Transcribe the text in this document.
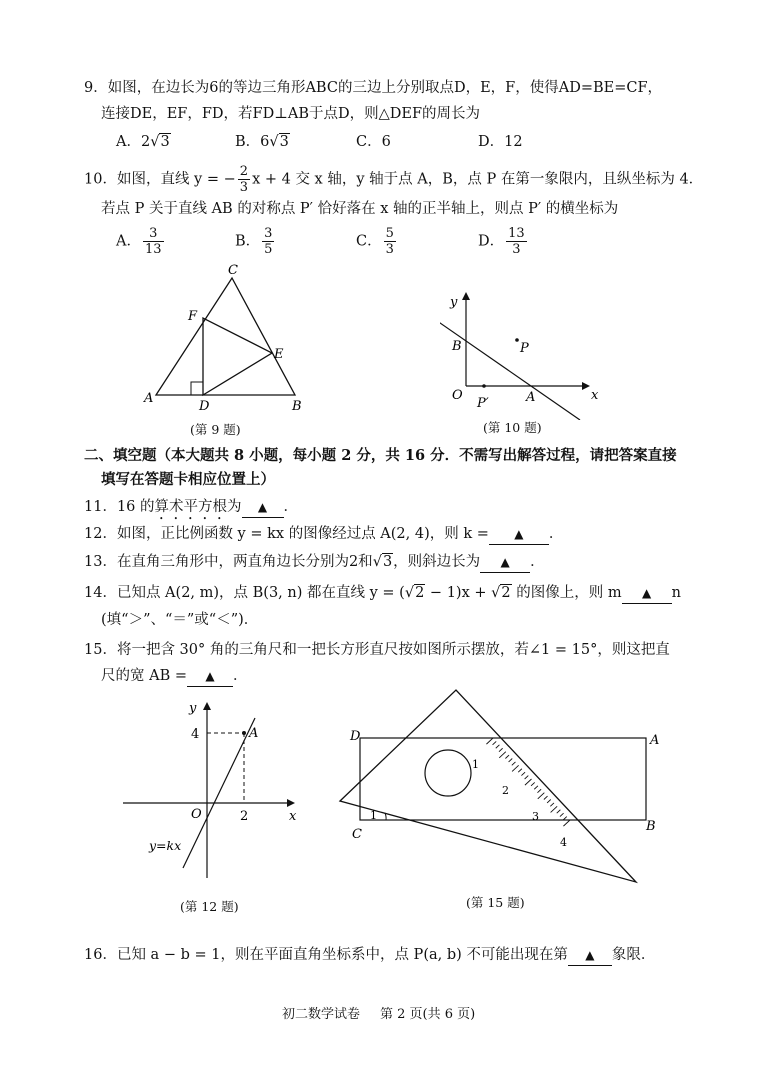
9．如图，在边长为6的等边三角形ABC的三边上分别取点D，E，F，使得AD=BE=CF，
连接DE，EF，FD，若FD⊥AB于点D，则△DEF的周长为
A．2√3	B．6√3	C．6	D．12
10．如图，直线 y = − $\frac{2}{3}$ x + 4 交 x 轴，y 轴于点 A，B，点 P 在第一象限内，且纵坐标为 4．
若点 P 关于直线 AB 的对称点 P′ 恰好落在 x 轴的正半轴上，则点 P′ 的横坐标为
A． $\frac{3}{13}$	B． $\frac{3}{5}$	C． $\frac{5}{3}$	D． $\frac{13}{3}$
C
F
E
A
D	B
(第 9 题)
y
B	P
O
P′	A	x
(第 10 题)
二、填空题（本大题共 8 小题，每小题 2 分，共 16 分．不需写出解答过程，请把答案直接
填写在答题卡相应位置上）
11．16 的算术平方根为 ▲ ．
12．如图，正比例函数 y = kx 的图像经过点 A(2, 4)，则 k = ▲ ．
13．在直角三角形中，两直角边长分别为2和√3，则斜边长为 ▲ ．
14．已知点 A(2, m)，点 B(3, n) 都在直线 y = (√2 − 1)x + √2 的图像上，则 m ▲ n
(填“＞”、“＝”或“＜”)．
15．将一把含 30° 角的三角尺和一把长方形直尺按如图所示摆放，若∠1 = 15°，则这把直
尺的宽 AB = ▲ ．
y
4	A
O	2	x
y=kx
(第 12 题)
D	A
C
B
1
1
2
3
4
(第 15 题)
16．已知 a − b = 1，则在平面直角坐标系中，点 P(a, b) 不可能出现在第 ▲ 象限．
初二数学试卷 第 2 页(共 6 页)
